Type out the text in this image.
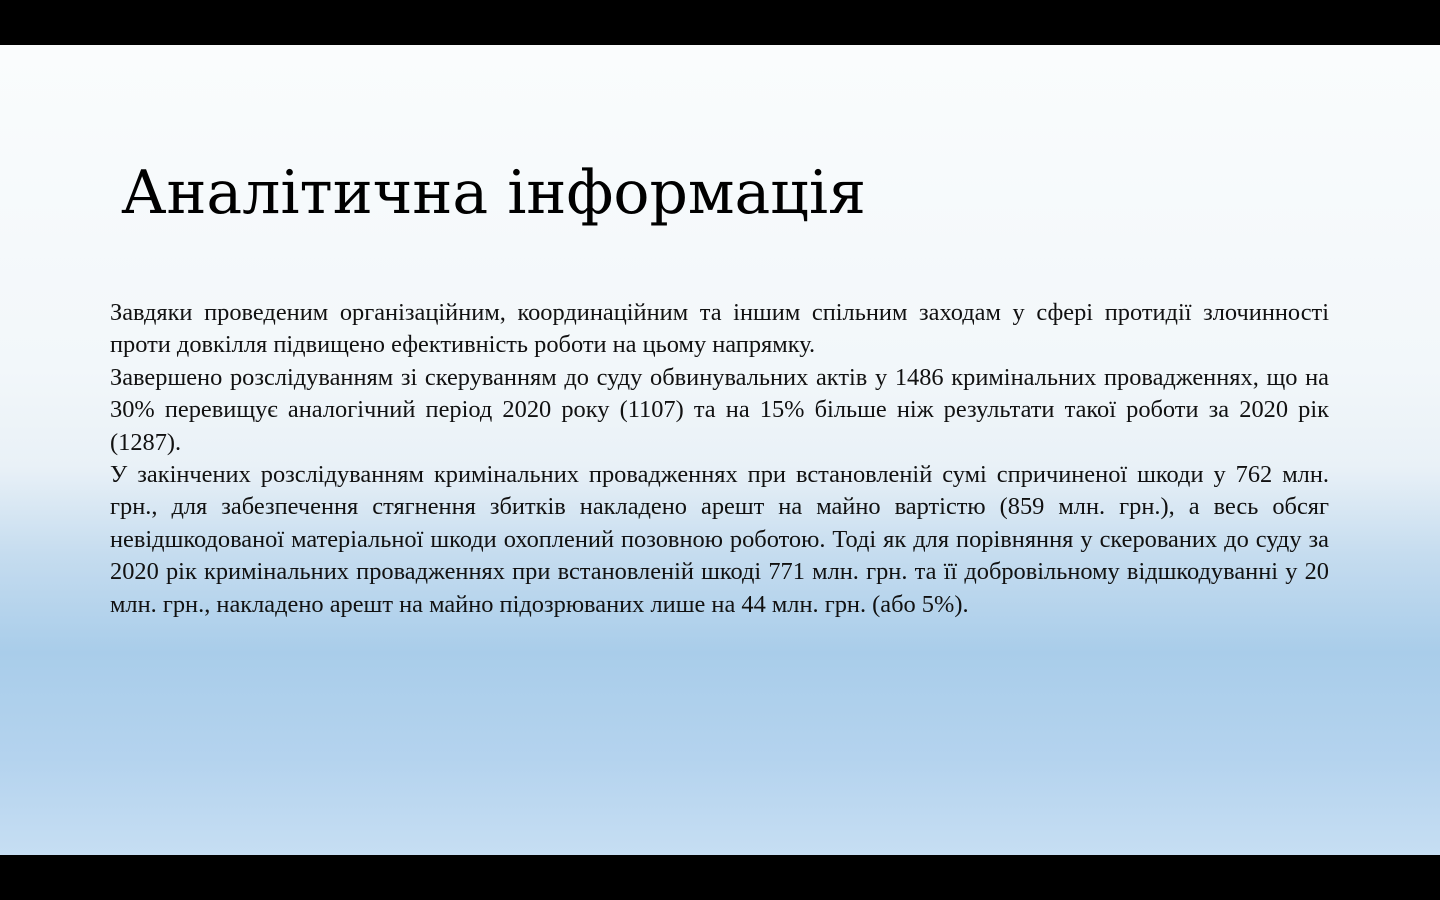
Аналітична інформація

Завдяки проведеним організаційним, координаційним та іншим спільним заходам у сфері протидії злочинності проти довкілля підвищено ефективність роботи на цьому напрямку.

Завершено розслідуванням зі скеруванням до суду обвинувальних актів у 1486 кримінальних провадженнях, що на 30% перевищує аналогічний період 2020 року (1107) та на 15% більше ніж результати такої роботи за 2020 рік (1287).

У закінчених розслідуванням кримінальних провадженнях при встановленій сумі спричиненої шкоди у 762 млн. грн., для забезпечення стягнення збитків накладено арешт на майно вартістю (859 млн. грн.), а весь обсяг невідшкодованої матеріальної шкоди охоплений позовною роботою. Тоді як для порівняння у скерованих до суду за 2020 рік кримінальних провадженнях при встановленій шкоді 771 млн. грн. та її добровільному відшкодуванні у 20 млн. грн., накладено арешт на майно підозрюваних лише на 44 млн. грн. (або 5%).
